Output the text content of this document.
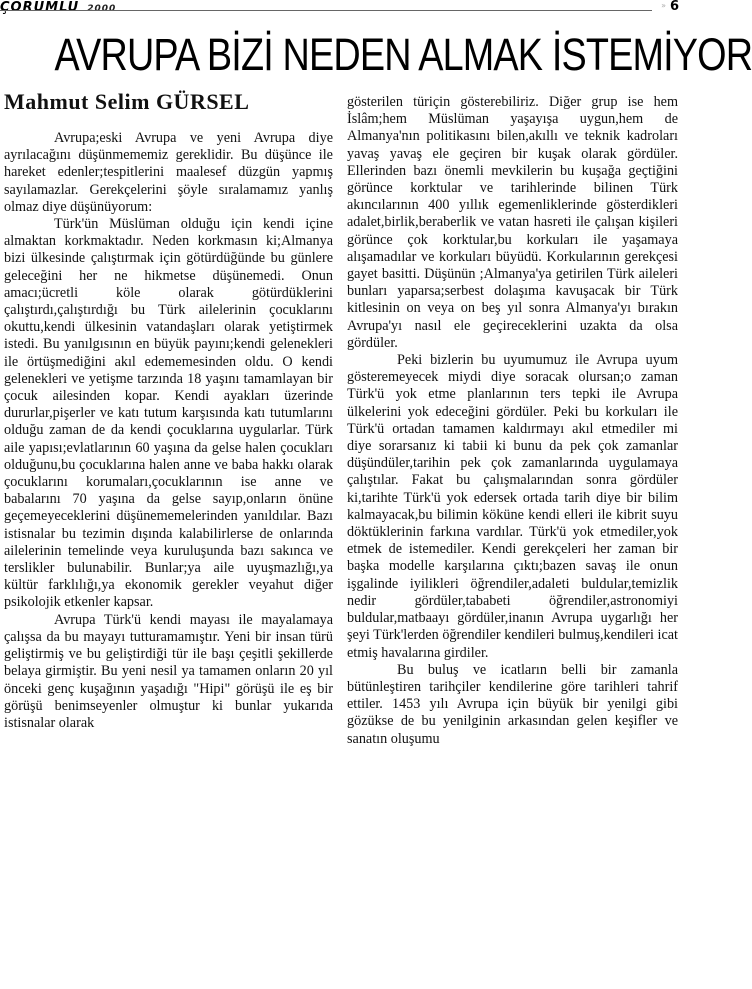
ÇORUMLU 2000	» 6
AVRUPA BİZİ NEDEN ALMAK İSTEMİYOR
Mahmut Selim GÜRSEL

Avrupa;eski Avrupa ve yeni Avrupa diye ayrılacağını düşünmememiz gereklidir. Bu düşünce ile hareket edenler;tespitlerini maalesef düzgün yapmış sayılamazlar. Gerekçelerini şöyle sıralamamız yanlış olmaz diye düşünüyorum:

Türk'ün Müslüman olduğu için kendi içine almaktan korkmaktadır. Neden korkmasın ki;Almanya bizi ülkesinde çalıştırmak için götürdüğünde bu günlere geleceğini her ne hikmetse düşünemedi. Onun amacı;ücretli köle olarak götürdüklerini çalıştırdı,çalıştırdığı bu Türk ailelerinin çocuklarını okuttu,kendi ülkesinin vatandaşları olarak yetiştirmek istedi. Bu yanılgısının en büyük payını;kendi gelenekleri ile örtüşmediğini akıl edememesinden oldu. O kendi gelenekleri ve yetişme tarzında 18 yaşını tamamlayan bir çocuk ailesinden kopar. Kendi ayakları üzerinde dururlar,pişerler ve katı tutum karşısında katı tutumlarını olduğu zaman de da kendi çocuklarına uygularlar. Türk aile yapısı;evlatlarının 60 yaşına da gelse halen çocukları olduğunu,bu çocuklarına halen anne ve baba hakkı olarak çocuklarını korumaları,çocuklarının ise anne ve babalarını 70 yaşına da gelse sayıp,onların önüne geçemeyeceklerini düşünememelerinden yanıldılar. Bazı istisnalar bu tezimin dışında kalabilirlerse de onlarında ailelerinin temelinde veya kuruluşunda bazı sakınca ve terslikler bulunabilir. Bunlar;ya aile uyuşmazlığı,ya kültür farklılığı,ya ekonomik gerekler veyahut diğer psikolojik etkenler kapsar.

Avrupa Türk'ü kendi mayası ile mayalamaya çalışsa da bu mayayı tutturamamıştır. Yeni bir insan türü geliştirmiş ve bu geliştirdiği tür ile başı çeşitli şekillerde belaya girmiştir. Bu yeni nesil ya tamamen onların 20 yıl önceki genç kuşağının yaşadığı "Hipi" görüşü ile eş bir görüşü benimseyenler olmuştur ki bunlar yukarıda istisnalar olarak

gösterilen türiçin gösterebiliriz. Diğer grup ise hem İslâm;hem Müslüman yaşayışa uygun,hem de Almanya'nın politikasını bilen,akıllı ve teknik kadroları yavaş yavaş ele geçiren bir kuşak olarak gördüler. Ellerinden bazı önemli mevkilerin bu kuşağa geçtiğini görünce korktular ve tarihlerinde bilinen Türk akıncılarının 400 yıllık egemenliklerinde gösterdikleri adalet,birlik,beraberlik ve vatan hasreti ile çalışan kişileri görünce çok korktular,bu korkuları ile yaşamaya alışamadılar ve korkuları büyüdü. Korkularının gerekçesi gayet basitti. Düşünün ;Almanya'ya getirilen Türk aileleri bunları yaparsa;serbest dolaşıma kavuşacak bir Türk kitlesinin on veya on beş yıl sonra Almanya'yı bırakın Avrupa'yı nasıl ele geçireceklerini uzakta da olsa gördüler.

Peki bizlerin bu uyumumuz ile Avrupa uyum gösteremeyecek miydi diye soracak olursan;o zaman Türk'ü yok etme planlarının ters tepki ile Avrupa ülkelerini yok edeceğini gördüler. Peki bu korkuları ile Türk'ü ortadan tamamen kaldırmayı akıl etmediler mi diye sorarsanız ki tabii ki bunu da pek çok zamanlar düşündüler,tarihin pek çok zamanlarında uygulamaya çalıştılar. Fakat bu çalışmalarından sonra gördüler ki,tarihte Türk'ü yok edersek ortada tarih diye bir bilim kalmayacak,bu bilimin köküne kendi elleri ile kibrit suyu döktüklerinin farkına vardılar. Türk'ü yok etmediler,yok etmek de istemediler. Kendi gerekçeleri her zaman bir başka modelle karşılarına çıktı;bazen savaş ile onun işgalinde iyilikleri öğrendiler,adaleti buldular,temizlik nedir gördüler,tababeti öğrendiler,astronomiyi buldular,matbaayı gördüler,inanın Avrupa uygarlığı her şeyi Türk'lerden öğrendiler kendileri bulmuş,kendileri icat etmiş havalarına girdiler.

Bu buluş ve icatların belli bir zamanla bütünleştiren tarihçiler kendilerine göre tarihleri tahrif ettiler. 1453 yılı Avrupa için büyük bir yenilgi gibi gözükse de bu yenilginin arkasından gelen keşifler ve sanatın oluşumu
